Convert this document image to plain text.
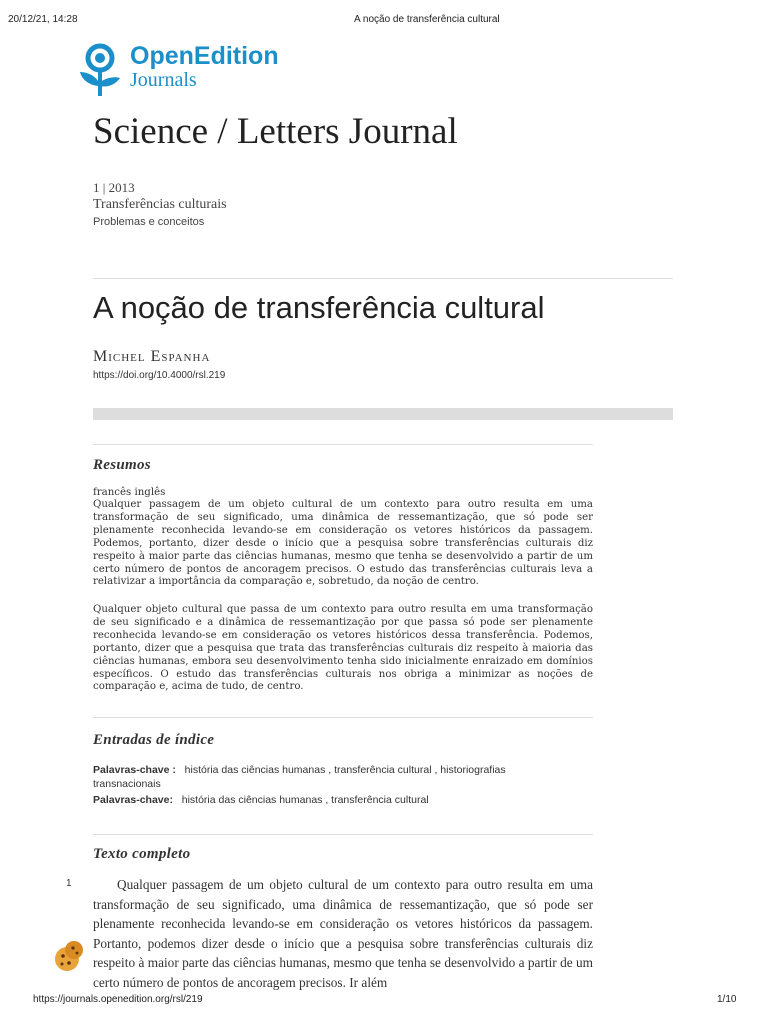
20/12/21, 14:28	A noção de transferência cultural
OpenEdition
Journals
Science / Letters Journal
1 | 2013
Transferências culturais
Problemas e conceitos
A noção de transferência cultural
Michel Espanha
https://doi.org/10.4000/rsl.219
Resumos
francês inglês
Qualquer passagem de um objeto cultural de um contexto para outro resulta em uma transformação de seu significado, uma dinâmica de ressemantização, que só pode ser plenamente reconhecida levando-se em consideração os vetores históricos da passagem. Podemos, portanto, dizer desde o início que a pesquisa sobre transferências culturais diz respeito à maior parte das ciências humanas, mesmo que tenha se desenvolvido a partir de um certo número de pontos de ancoragem precisos. O estudo das transferências culturais leva a relativizar a importância da comparação e, sobretudo, da noção de centro.
Qualquer objeto cultural que passa de um contexto para outro resulta em uma transformação de seu significado e a dinâmica de ressemantização por que passa só pode ser plenamente reconhecida levando-se em consideração os vetores históricos dessa transferência. Podemos, portanto, dizer que a pesquisa que trata das transferências culturais diz respeito à maioria das ciências humanas, embora seu desenvolvimento tenha sido inicialmente enraizado em domínios específicos. O estudo das transferências culturais nos obriga a minimizar as noções de comparação e, acima de tudo, de centro.
Entradas de índice
Palavras-chave : história das ciências humanas , transferência cultural , historiografias transnacionais
Palavras-chave: história das ciências humanas , transferência cultural
Texto completo
1	Qualquer passagem de um objeto cultural de um contexto para outro resulta em uma transformação de seu significado, uma dinâmica de ressemantização, que só pode ser plenamente reconhecida levando-se em consideração os vetores históricos da passagem. Portanto, podemos dizer desde o início que a pesquisa sobre transferências culturais diz respeito à maior parte das ciências humanas, mesmo que tenha se desenvolvido a partir de um certo número de pontos de ancoragem precisos. Ir além
https://journals.openedition.org/rsl/219	1/10
